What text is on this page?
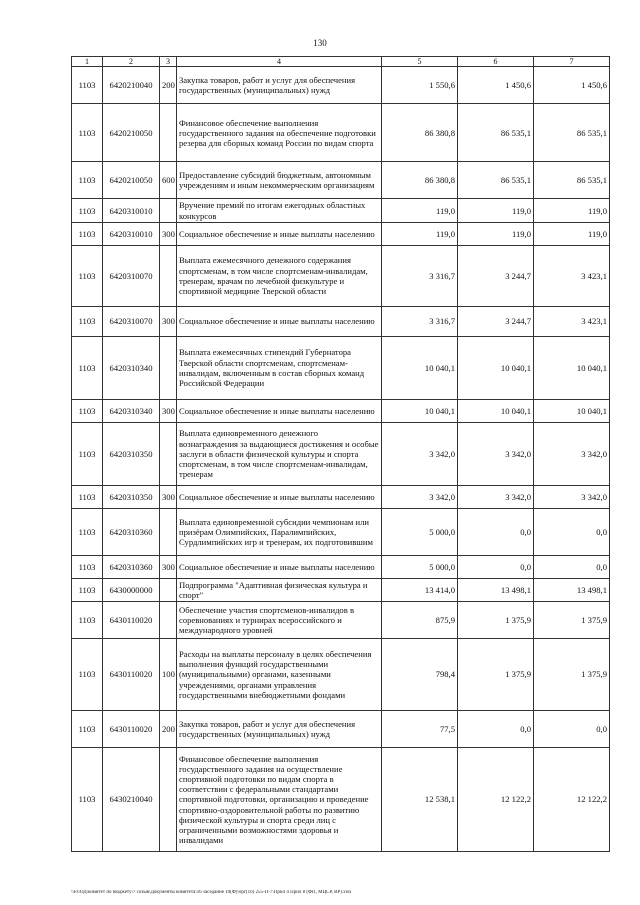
130
1	2	3	4	5	6	7
1103	6420210040	200	Закупка товаров, работ и услуг для обеспечения государственных (муниципальных) нужд	1 550,6	1 450,6	1 450,6
1103	6420210050		Финансовое обеспечение выполнения государственного задания на обеспечение подготовки резерва для сборных команд России по видам спорта	86 380,8	86 535,1	86 535,1
1103	6420210050	600	Предоставление субсидий бюджетным, автономным учреждениям и иным некоммерческим организациям	86 380,8	86 535,1	86 535,1
1103	6420310010		Вручение премий по итогам ежегодных областных конкурсов	119,0	119,0	119,0
1103	6420310010	300	Социальное обеспечение и иные выплаты населению	119,0	119,0	119,0
1103	6420310070		Выплата ежемесячного денежного содержания спортсменам, в том числе спортсменам-инвалидам, тренерам, врачам по лечебной физкультуре и спортивной медицине Тверской области	3 316,7	3 244,7	3 423,1
1103	6420310070	300	Социальное обеспечение и иные выплаты населению	3 316,7	3 244,7	3 423,1
1103	6420310340		Выплата ежемесячных стипендий Губернатора Тверской области спортсменам, спортсменам-инвалидам, включенным в состав сборных команд Российской Федерации	10 040,1	10 040,1	10 040,1
1103	6420310340	300	Социальное обеспечение и иные выплаты населению	10 040,1	10 040,1	10 040,1
1103	6420310350		Выплата единовременного денежного вознаграждения за выдающиеся достижения и особые заслуги в области физической культуры и спорта спортсменам, в том числе спортсменам-инвалидам, тренерам	3 342,0	3 342,0	3 342,0
1103	6420310350	300	Социальное обеспечение и иные выплаты населению	3 342,0	3 342,0	3 342,0
1103	6420310360		Выплата единовременной субсидии чемпионам или призёрам Олимпийских, Паралимпийских, Сурдлимпийских игр и тренерам, их подготовившим	5 000,0	0,0	0,0
1103	6420310360	300	Социальное обеспечение и иные выплаты населению	5 000,0	0,0	0,0
1103	6430000000		Подпрограмма "Адаптивная физическая культура и спорт"	13 414,0	13 498,1	13 498,1
1103	6430110020		Обеспечение участия спортсменов-инвалидов в соревнованиях и турнирах всероссийского и международного уровней	875,9	1 375,9	1 375,9
1103	6430110020	100	Расходы на выплаты персоналу в целях обеспечения выполнения функций государственными (муниципальными) органами, казенными учреждениями, органами управления государственными внебюджетными фондами	798,4	1 375,9	1 375,9
1103	6430110020	200	Закупка товаров, работ и услуг для обеспечения государственных (муниципальных) нужд	77,5	0,0	0,0
1103	6430210040		Финансовое обеспечение выполнения государственного задания на осуществление спортивной подготовки по видам спорта в соответствии с федеральными стандартами спортивной подготовки, организацию и проведение спортивно-оздоровительной работы по развитию физической культуры и спорта среди лиц с ограниченными возможностями здоровья и инвалидами	12 538,1	12 122,2	12 122,2
\\Fs\ОД\комитет по бюджету\7 созыв\Документы комитета\16 заседание 10(Ф)\орг(16) 255-П-7\Прил 4 Прил 8 (ФП, МЦСР, ВР).xlsx
